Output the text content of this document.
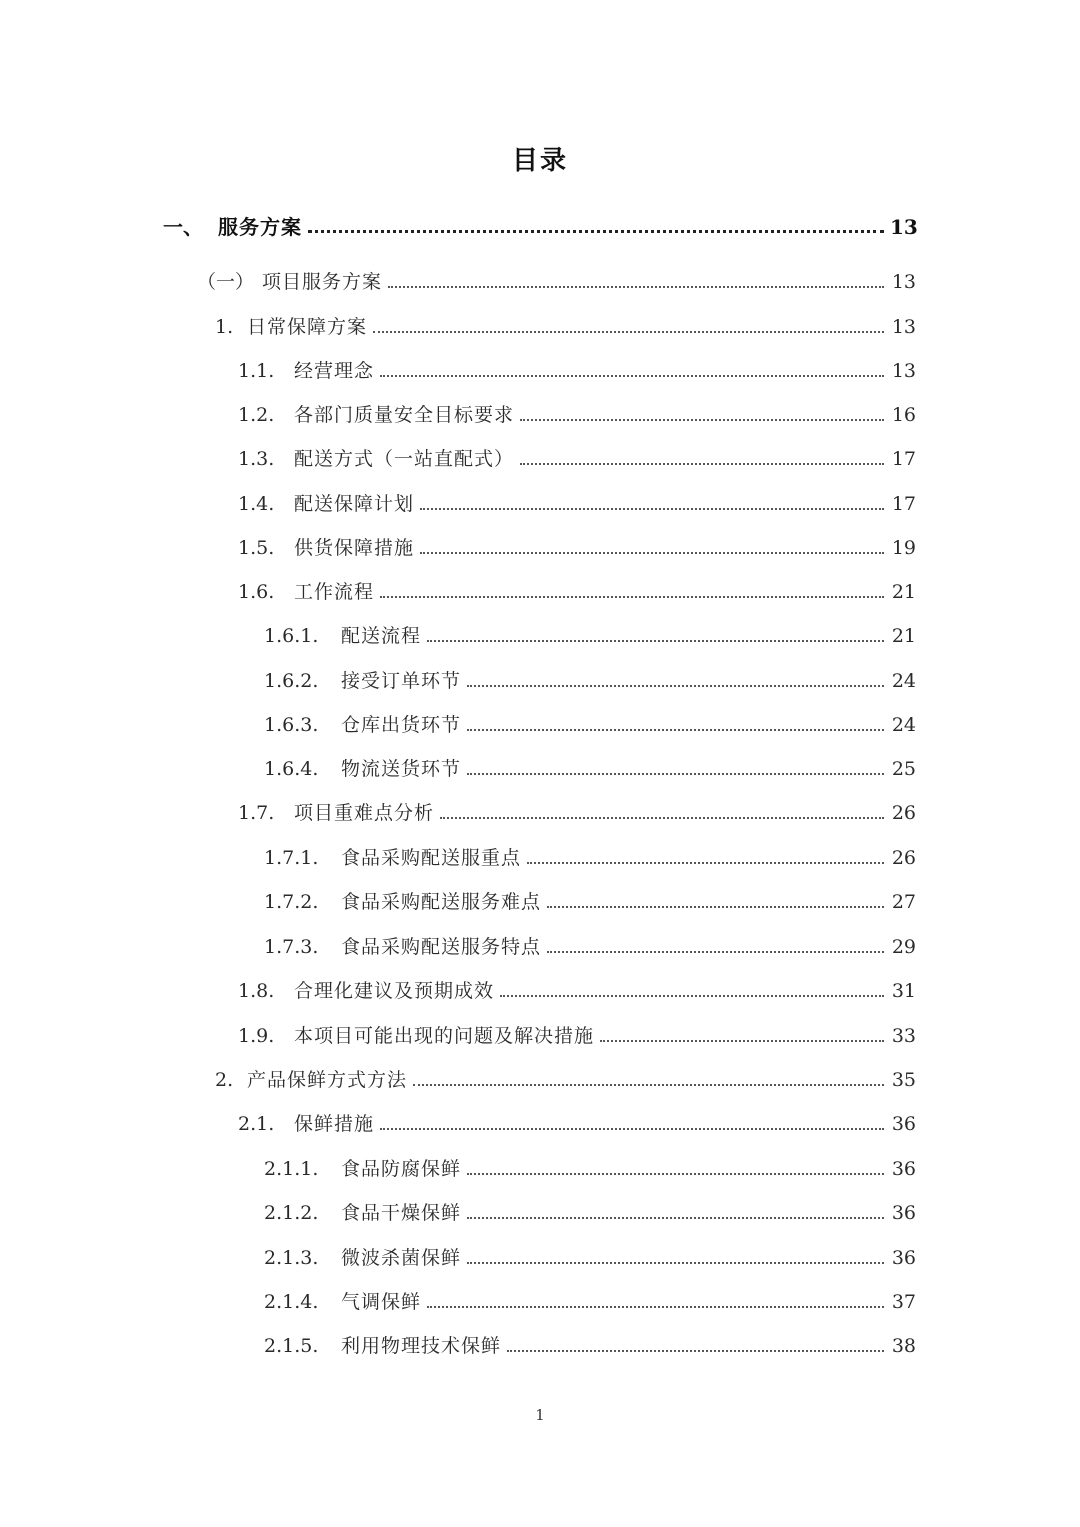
目录
一、 服务方案	13
（一） 项目服务方案	13
1. 日常保障方案	13
1.1.	经营理念	13
1.2.	各部门质量安全目标要求	16
1.3.	配送方式（一站直配式）	17
1.4.	配送保障计划	17
1.5.	供货保障措施	19
1.6.	工作流程	21
1.6.1.	配送流程	21
1.6.2.	接受订单环节	24
1.6.3.	仓库出货环节	24
1.6.4.	物流送货环节	25
1.7.	项目重难点分析	26
1.7.1.	食品采购配送服重点	26
1.7.2.	食品采购配送服务难点	27
1.7.3.	食品采购配送服务特点	29
1.8.	合理化建议及预期成效	31
1.9.	本项目可能出现的问题及解决措施	33
2. 产品保鲜方式方法	35
2.1.	保鲜措施	36
2.1.1.	食品防腐保鲜	36
2.1.2.	食品干燥保鲜	36
2.1.3.	微波杀菌保鲜	36
2.1.4.	气调保鲜	37
2.1.5.	利用物理技术保鲜	38
1
